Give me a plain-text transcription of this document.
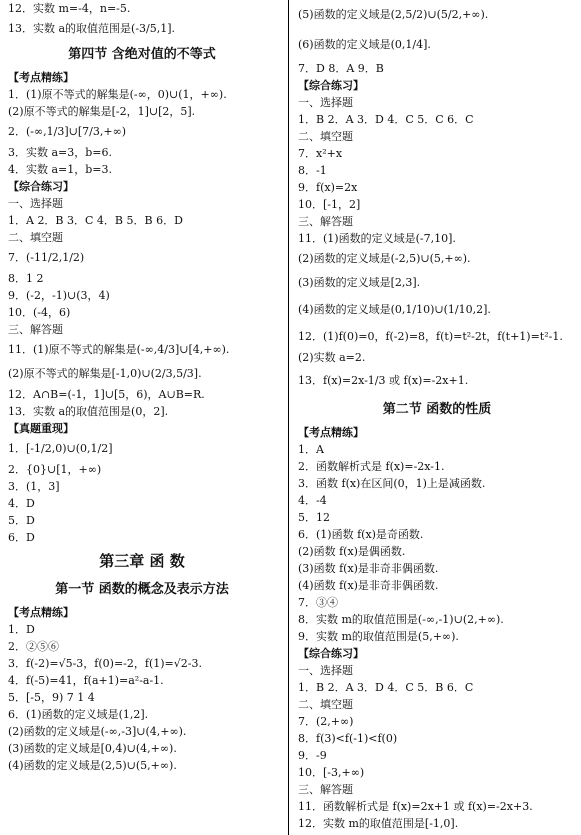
12．实数 m=-4，n=-5.
13．实数 a的取值范围是(-3/5,1].
第四节 含绝对值的不等式
【考点精练】
1．(1)原不等式的解集是(-∞，0)∪(1，+∞).
(2)原不等式的解集是[-2，1]∪[2，5].
2．(-∞,1/3]∪[7/3,+∞)
3．实数 a=3，b=6.
4．实数 a=1，b=3.
【综合练习】
一、选择题
1．A 2．B 3．C 4．B 5．B 6．D
二、填空题
7．(-11/2,1/2)
8．1 2
9．(-2，-1)∪(3，4)
10．(-4，6)
三、解答题
11．(1)原不等式的解集是(-∞,4/3]∪[4,+∞).
(2)原不等式的解集是[-1,0)∪(2/3,5/3].
12．A∩B=(-1，1]∪[5，6)，A∪B=R.
13．实数 a的取值范围是(0，2].
【真题重现】
1．[-1/2,0)∪(0,1/2]
2．{0}∪[1，+∞)
3．(1，3]
4．D
5．D
6．D
第三章 函 数
第一节 函数的概念及表示方法
【考点精练】
1．D
2．②⑤⑥
3．f(-2)=√5-3，f(0)=-2，f(1)=√2-3.
4．f(-5)=41，f(a+1)=a²-a-1.
5．[-5，9) 7 1 4
6．(1)函数的定义域是(1,2].
(2)函数的定义域是(-∞,-3]∪(4,+∞).
(3)函数的定义域是[0,4)∪(4,+∞).
(4)函数的定义域是(2,5)∪(5,+∞).
(5)函数的定义域是(2,5/2)∪(5/2,+∞).
(6)函数的定义域是(0,1/4].
7．D 8．A 9．B
【综合练习】
一、选择题
1．B 2．A 3．D 4．C 5．C 6．C
二、填空题
7．x²+x
8．-1
9．f(x)=2x
10．[-1，2]
三、解答题
11．(1)函数的定义域是(-7,10].
(2)函数的定义域是(-2,5)∪(5,+∞).
(3)函数的定义域是[2,3].
(4)函数的定义域是(0,1/10)∪(1/10,2].
12．(1)f(0)=0，f(-2)=8，f(t)=t²-2t，f(t+1)=t²-1.
(2)实数 a=2.
13．f(x)=2x-1/3 或 f(x)=-2x+1.
第二节 函数的性质
【考点精练】
1．A
2．函数解析式是 f(x)=-2x-1.
3．函数 f(x)在区间(0，1)上是减函数.
4．-4
5．12
6．(1)函数 f(x)是奇函数.
(2)函数 f(x)是偶函数.
(3)函数 f(x)是非奇非偶函数.
(4)函数 f(x)是非奇非偶函数.
7．③④
8．实数 m的取值范围是(-∞,-1)∪(2,+∞).
9．实数 m的取值范围是(5,+∞).
【综合练习】
一、选择题
1．B 2．A 3．D 4．C 5．B 6．C
二、填空题
7．(2,+∞)
8．f(3)<f(-1)<f(0)
9．-9
10．[-3,+∞)
三、解答题
11．函数解析式是 f(x)=2x+1 或 f(x)=-2x+3.
12．实数 m的取值范围是[-1,0].
